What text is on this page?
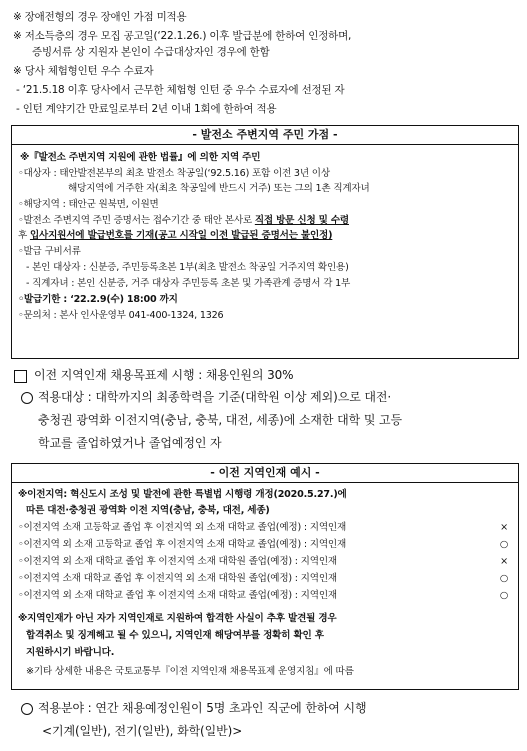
※ 장애전형의 경우 장애인 가점 미적용
※ 저소득층의 경우 모집 공고일(‘22.1.26.) 이후 발급분에 한하여 인정하며,
증빙서류 상 지원자 본인이 수급대상자인 경우에 한함
※ 당사 체험형인턴 우수 수료자
- ‘21.5.18 이후 당사에서 근무한 체험형 인턴 중 우수 수료자에 선정된 자
- 인턴 계약기간 만료일로부터 2년 이내 1회에 한하여 적용
- 발전소 주변지역 주민 가점 -
※『발전소 주변지역 지원에 관한 법률』에 의한 지역 주민
◦대상자 : 태안발전본부의 최초 발전소 착공일(‘92.5.16) 포함 이전 3년 이상
해당지역에 거주한 자(최초 착공일에 반드시 거주) 또는 그의 1촌 직계자녀
◦해당지역 : 태안군 원북면, 이원면
◦발전소 주변지역 주민 증명서는 접수기간 중 태안 본사로 직접 방문 신청 및 수령
후 입사지원서에 발급번호를 기재(공고 시작일 이전 발급된 증명서는 불인정)
◦발급 구비서류
- 본인 대상자 : 신분증, 주민등록초본 1부(최초 발전소 착공일 거주지역 확인용)
- 직계자녀 : 본인 신분증, 거주 대상자 주민등록 초본 및 가족관계 증명서 각 1부
◦발급기한 : ‘22.2.9(수) 18:00 까지
◦문의처 : 본사 인사운영부 041-400-1324, 1326
이전 지역인재 채용목표제 시행 : 채용인원의 30%
적용대상 : 대학까지의 최종학력을 기준(대학원 이상 제외)으로 대전·
충청권 광역화 이전지역(충남, 충북, 대전, 세종)에 소재한 대학 및 고등
학교를 졸업하였거나 졸업예정인 자
- 이전 지역인재 예시 -
※이전지역: 혁신도시 조성 및 발전에 관한 특별법 시행령 개정(2020.5.27.)에
따른 대전·충청권 광역화 이전 지역(충남, 충북, 대전, 세종)
◦이전지역 소재 고등학교 졸업 후 이전지역 외 소재 대학교 졸업(예정) : 지역인재	×
◦이전지역 외 소재 고등학교 졸업 후 이전지역 소재 대학교 졸업(예정) : 지역인재	○
◦이전지역 외 소재 대학교 졸업 후 이전지역 소재 대학원 졸업(예정) : 지역인재	×
◦이전지역 소재 대학교 졸업 후 이전지역 외 소재 대학원 졸업(예정) : 지역인재	○
◦이전지역 외 소재 대학교 졸업 후 이전지역 소재 대학교 졸업(예정) : 지역인재	○
※지역인재가 아닌 자가 지역인재로 지원하여 합격한 사실이 추후 발견될 경우
합격취소 및 징계해고 될 수 있으니, 지역인재 해당여부를 정확히 확인 후
지원하시기 바랍니다.
※기타 상세한 내용은 국토교통부『이전 지역인재 채용목표제 운영지침』에 따름
적용분야 : 연간 채용예정인원이 5명 초과인 직군에 한하여 시행
<기계(일반), 전기(일반), 화학(일반)>
